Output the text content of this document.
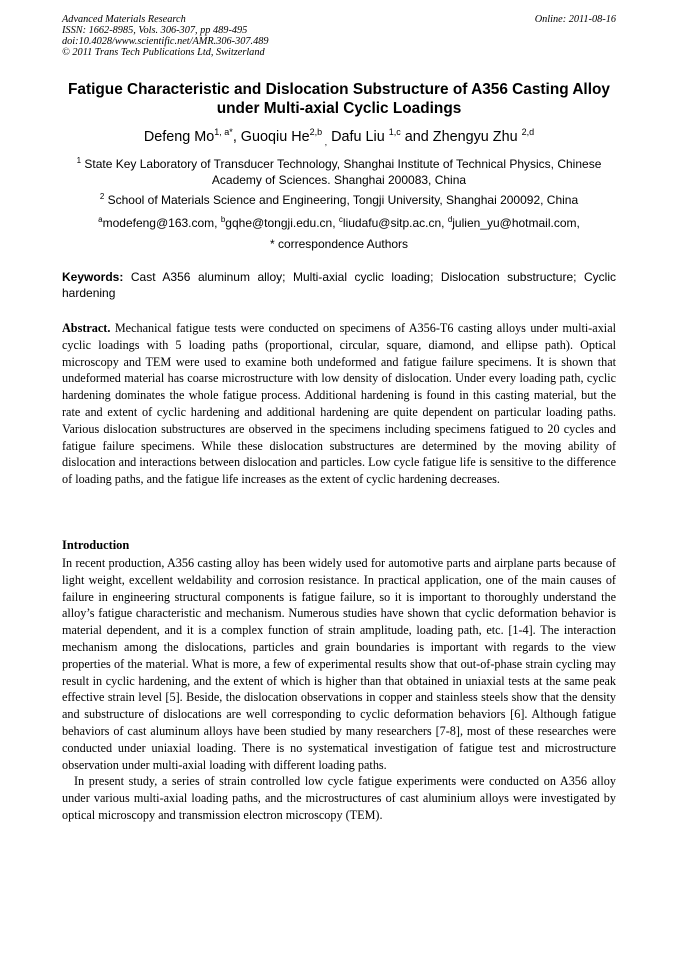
Advanced Materials Research
ISSN: 1662-8985, Vols. 306-307, pp 489-495
doi:10.4028/www.scientific.net/AMR.306-307.489
© 2011 Trans Tech Publications Ltd, Switzerland
Online: 2011-08-16
Fatigue Characteristic and Dislocation Substructure of A356 Casting Alloy under Multi-axial Cyclic Loadings
Defeng $Mo^{1, a*}$, Guoqiu He$^{2,b}$ $_,$ Dafu Liu $^{1,c}$ and Zhengyu Zhu $^{2,d}$
$^1$ State Key Laboratory of Transducer Technology, Shanghai Institute of Technical Physics, Chinese Academy of Sciences. Shanghai 200083, China
$^2$ School of Materials Science and Engineering, Tongji University, Shanghai 200092, China
$^a$modefeng@163.com, $^b$gqhe@tongji.edu.cn, $^c$liudafu@sitp.ac.cn, $^d$julien_yu@hotmail.com,
* correspondence Authors
Keywords: Cast A356 aluminum alloy; Multi-axial cyclic loading; Dislocation substructure; Cyclic hardening
Abstract. Mechanical fatigue tests were conducted on specimens of A356-T6 casting alloys under multi-axial cyclic loadings with 5 loading paths (proportional, circular, square, diamond, and ellipse path). Optical microscopy and TEM were used to examine both undeformed and fatigue failure specimens. It is shown that undeformed material has coarse microstructure with low density of dislocation. Under every loading path, cyclic hardening dominates the whole fatigue process. Additional hardening is found in this casting material, but the rate and extent of cyclic hardening and additional hardening are quite dependent on particular loading paths. Various dislocation substructures are observed in the specimens including specimens fatigued to 20 cycles and fatigue failure specimens. While these dislocation substructures are determined by the moving ability of dislocation and interactions between dislocation and particles. Low cycle fatigue life is sensitive to the difference of loading paths, and the fatigue life increases as the extent of cyclic hardening decreases.
Introduction

In recent production, A356 casting alloy has been widely used for automotive parts and airplane parts because of light weight, excellent weldability and corrosion resistance. In practical application, one of the main causes of failure in engineering structural components is fatigue failure, so it is important to thoroughly understand the alloy’s fatigue characteristic and mechanism. Numerous studies have shown that cyclic deformation behavior is material dependent, and it is a complex function of strain amplitude, loading path, etc. [1-4]. The interaction mechanism among the dislocations, particles and grain boundaries is important with regards to the view properties of the material. What is more, a few of experimental results show that out-of-phase strain cycling may result in cyclic hardening, and the extent of which is higher than that obtained in uniaxial tests at the same peak effective strain level [5]. Beside, the dislocation observations in copper and stainless steels show that the density and substructure of dislocations are well corresponding to cyclic deformation behaviors [6]. Although fatigue behaviors of cast aluminum alloys have been studied by many researchers [7-8], most of these researches were conducted under uniaxial loading. There is no systematical investigation of fatigue test and microstructure observation under multi-axial loading with different loading paths.

In present study, a series of strain controlled low cycle fatigue experiments were conducted on A356 alloy under various multi-axial loading paths, and the microstructures of cast aluminium alloys were investigated by optical microscopy and transmission electron microscopy (TEM).
